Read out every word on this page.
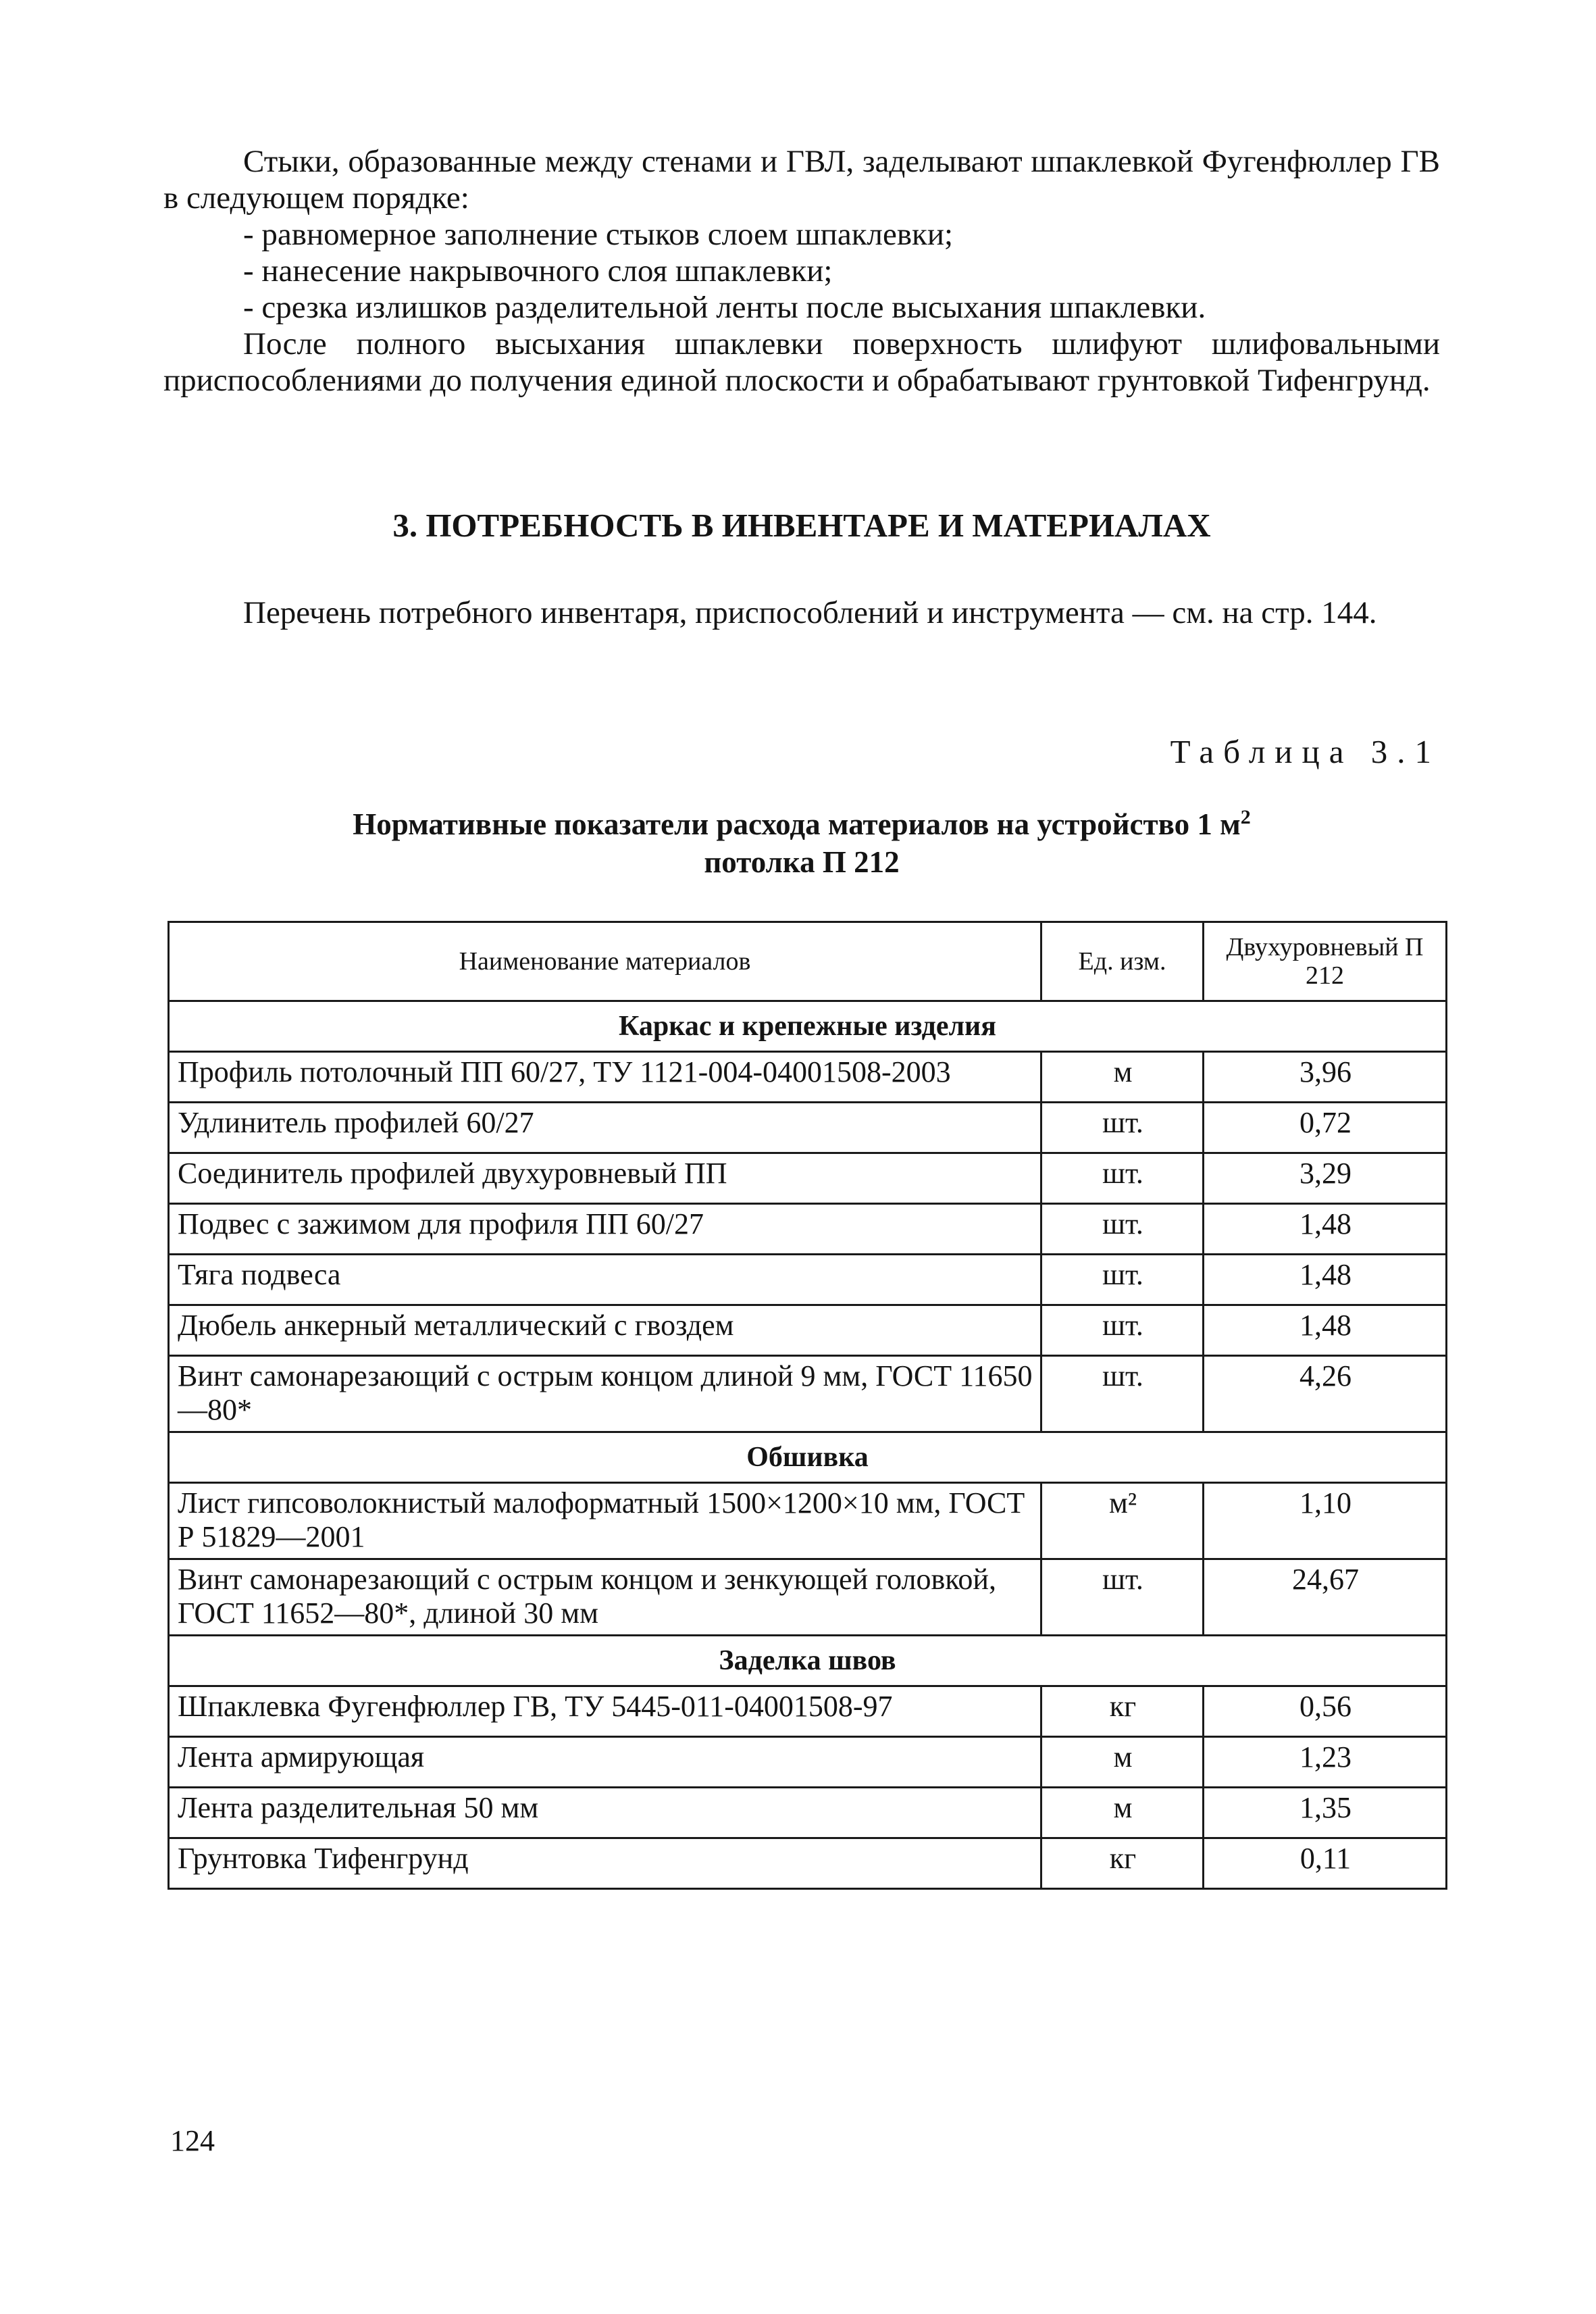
Стыки, образованные между стенами и ГВЛ, заделывают шпаклевкой Фугенфюллер ГВ в следующем порядке:

- равномерное заполнение стыков слоем шпаклевки;

- нанесение накрывочного слоя шпаклевки;

- срезка излишков разделительной ленты после высыхания шпаклевки.

После полного высыхания шпаклевки поверхность шлифуют шлифовальными приспособлениями до получения единой плоскости и обрабатывают грунтовкой Тифенгрунд.

3. ПОТРЕБНОСТЬ В ИНВЕНТАРЕ И МАТЕРИАЛАХ

Перечень потребного инвентаря, приспособлений и инструмента — см. на стр. 144.

Таблица 3.1

Нормативные показатели расхода материалов на устройство 1 $м^2$
потолка П 212
Наименование материалов	Ед. изм.	Двухуровневый П 212
Каркас и крепежные изделия		
Профиль потолочный ПП 60/27, ТУ 1121-004-04001508-2003	м	3,96
Удлинитель профилей 60/27	шт.	0,72
Соединитель профилей двухуровневый ПП	шт.	3,29
Подвес с зажимом для профиля ПП 60/27	шт.	1,48
Тяга подвеса	шт.	1,48
Дюбель анкерный металлический с гвоздем	шт.	1,48
Винт самонарезающий с острым концом длиной 9 мм, ГОСТ 11650—80*	шт.	4,26
Обшивка		
Лист гипсоволокнистый малоформатный 1500×1200×10 мм, ГОСТ Р 51829—2001	м²	1,10
Винт самонарезающий с острым концом и зенкующей головкой, ГОСТ 11652—80*, длиной 30 мм	шт.	24,67
Заделка швов		
Шпаклевка Фугенфюллер ГВ, ТУ 5445-011-04001508-97	кг	0,56
Лента армирующая	м	1,23
Лента разделительная 50 мм	м	1,35
Грунтовка Тифенгрунд	кг	0,11

124
